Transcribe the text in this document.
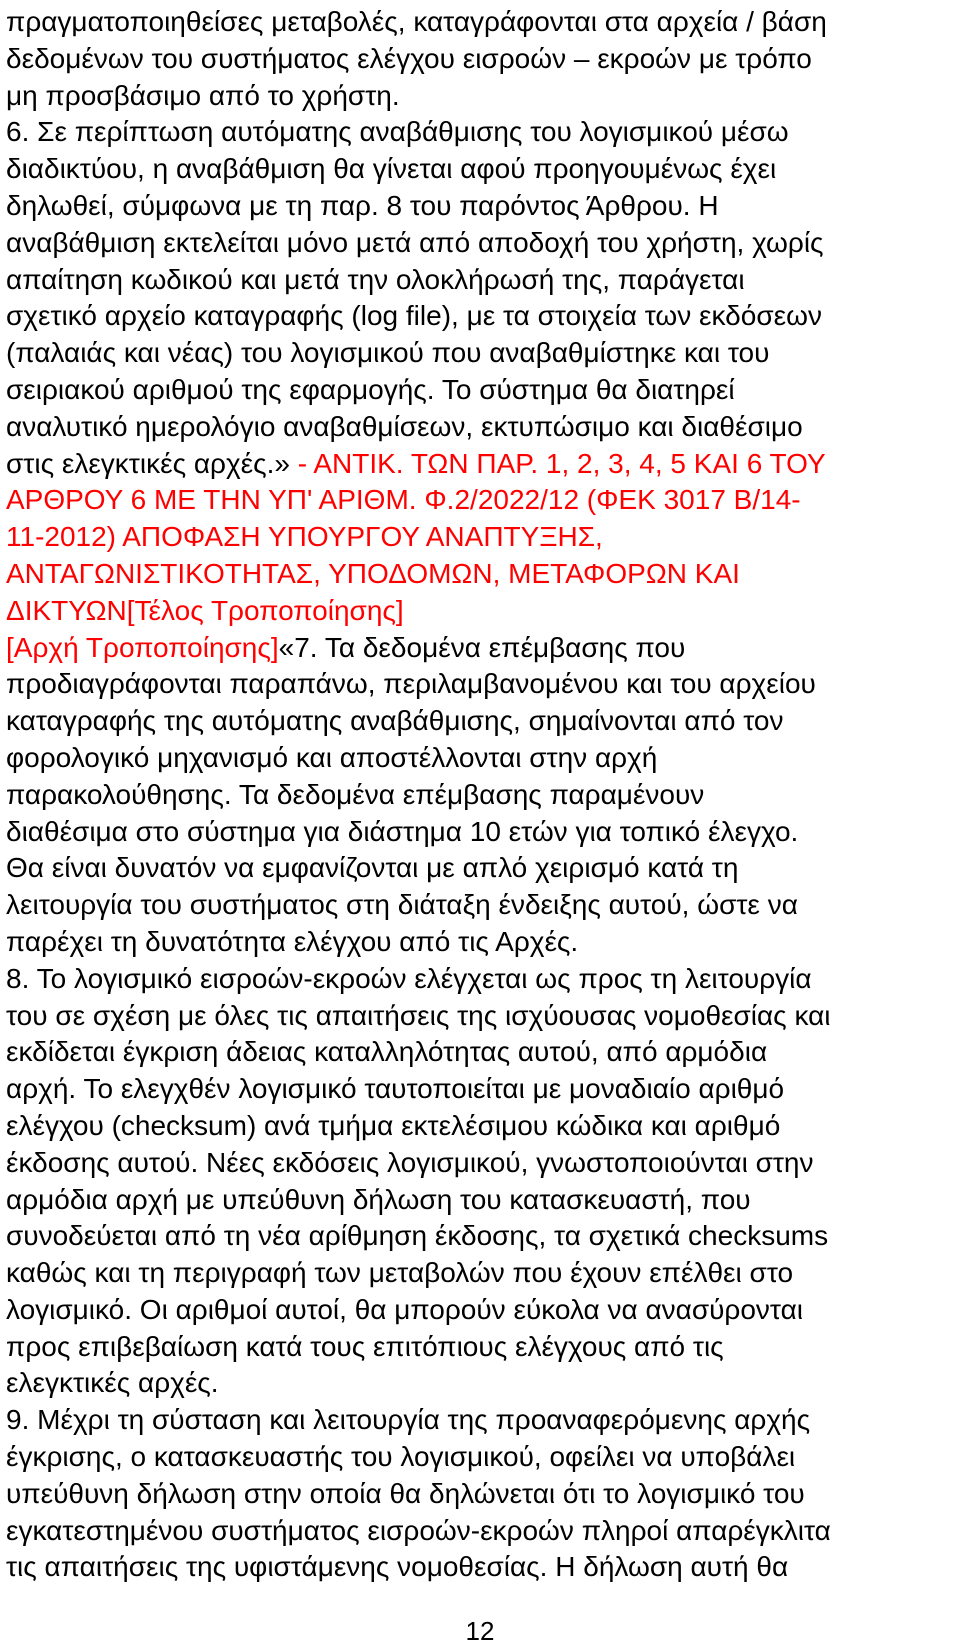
πραγματοποιηθείσες μεταβολές, καταγράφονται στα αρχεία / βάση
δεδομένων του συστήματος ελέγχου εισροών – εκροών με τρόπο
μη προσβάσιμο από το χρήστη.
6. Σε περίπτωση αυτόματης αναβάθμισης του λογισμικού μέσω
διαδικτύου, η αναβάθμιση θα γίνεται αφού προηγουμένως έχει
δηλωθεί, σύμφωνα με τη παρ. 8 του παρόντος Άρθρου. Η
αναβάθμιση εκτελείται μόνο μετά από αποδοχή του χρήστη, χωρίς
απαίτηση κωδικού και μετά την ολοκλήρωσή της, παράγεται
σχετικό αρχείο καταγραφής (log file), με τα στοιχεία των εκδόσεων
(παλαιάς και νέας) του λογισμικού που αναβαθμίστηκε και του
σειριακού αριθμού της εφαρμογής. Το σύστημα θα διατηρεί
αναλυτικό ημερολόγιο αναβαθμίσεων, εκτυπώσιμο και διαθέσιμο
στις ελεγκτικές αρχές.» - ΑΝΤΙΚ. ΤΩΝ ΠΑΡ. 1, 2, 3, 4, 5 ΚΑΙ 6 ΤΟΥ
ΑΡΘΡΟΥ 6 ΜΕ ΤΗΝ ΥΠ' ΑΡΙΘΜ. Φ.2/2022/12 (ΦΕΚ 3017 Β/14-
11-2012) ΑΠΟΦΑΣΗ ΥΠΟΥΡΓΟΥ ΑΝΑΠΤΥΞΗΣ,
ΑΝΤΑΓΩΝΙΣΤΙΚΟΤΗΤΑΣ, ΥΠΟΔΟΜΩΝ, ΜΕΤΑΦΟΡΩΝ ΚΑΙ
ΔΙΚΤΥΩΝ[Τέλος Τροποποίησης]
[Αρχή Τροποποίησης]«7. Τα δεδομένα επέμβασης που
προδιαγράφονται παραπάνω, περιλαμβανομένου και του αρχείου
καταγραφής της αυτόματης αναβάθμισης, σημαίνονται από τον
φορολογικό μηχανισμό και αποστέλλονται στην αρχή
παρακολούθησης. Τα δεδομένα επέμβασης παραμένουν
διαθέσιμα στο σύστημα για διάστημα 10 ετών για τοπικό έλεγχο.
Θα είναι δυνατόν να εμφανίζονται με απλό χειρισμό κατά τη
λειτουργία του συστήματος στη διάταξη ένδειξης αυτού, ώστε να
παρέχει τη δυνατότητα ελέγχου από τις Αρχές.
8. Το λογισμικό εισροών-εκροών ελέγχεται ως προς τη λειτουργία
του σε σχέση με όλες τις απαιτήσεις της ισχύουσας νομοθεσίας και
εκδίδεται έγκριση άδειας καταλληλότητας αυτού, από αρμόδια
αρχή. Το ελεγχθέν λογισμικό ταυτοποιείται με μοναδιαίο αριθμό
ελέγχου (checksum) ανά τμήμα εκτελέσιμου κώδικα και αριθμό
έκδοσης αυτού. Νέες εκδόσεις λογισμικού, γνωστοποιούνται στην
αρμόδια αρχή με υπεύθυνη δήλωση του κατασκευαστή, που
συνοδεύεται από τη νέα αρίθμηση έκδοσης, τα σχετικά checksums
καθώς και τη περιγραφή των μεταβολών που έχουν επέλθει στο
λογισμικό. Οι αριθμοί αυτοί, θα μπορούν εύκολα να ανασύρονται
προς επιβεβαίωση κατά τους επιτόπιους ελέγχους από τις
ελεγκτικές αρχές.
9. Μέχρι τη σύσταση και λειτουργία της προαναφερόμενης αρχής
έγκρισης, ο κατασκευαστής του λογισμικού, οφείλει να υποβάλει
υπεύθυνη δήλωση στην οποία θα δηλώνεται ότι το λογισμικό του
εγκατεστημένου συστήματος εισροών-εκροών πληροί απαρέγκλιτα
τις απαιτήσεις της υφιστάμενης νομοθεσίας. Η δήλωση αυτή θα
12
